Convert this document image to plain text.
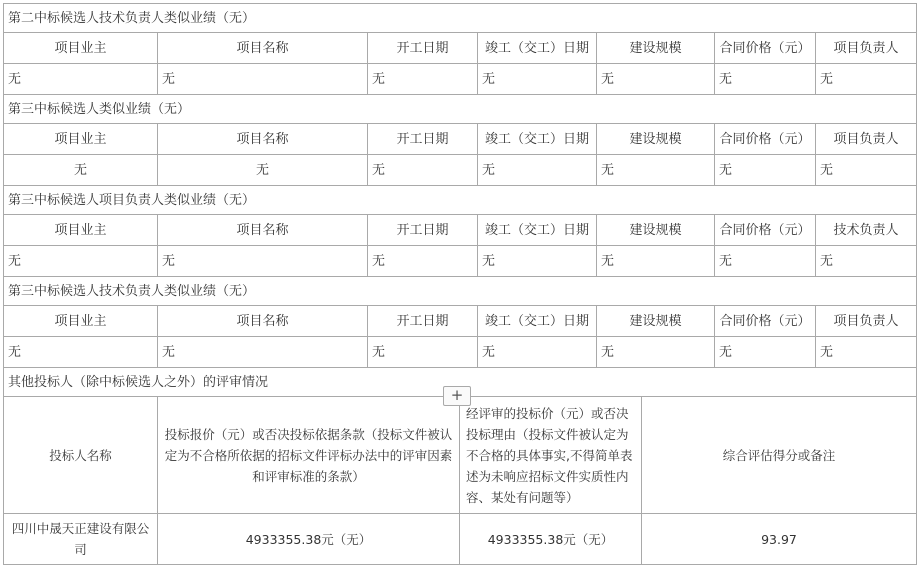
第二中标候选人技术负责人类似业绩（无）						
项目业主	项目名称	开工日期	竣工（交工）日期	建设规模	合同价格（元）	项目负责人
无	无	无	无	无	无	无
第三中标候选人类似业绩（无）						
项目业主	项目名称	开工日期	竣工（交工）日期	建设规模	合同价格（元）	项目负责人
无	无	无	无	无	无	无
第三中标候选人项目负责人类似业绩（无）						
项目业主	项目名称	开工日期	竣工（交工）日期	建设规模	合同价格（元）	技术负责人
无	无	无	无	无	无	无
第三中标候选人技术负责人类似业绩（无）						
项目业主	项目名称	开工日期	竣工（交工）日期	建设规模	合同价格（元）	项目负责人
无	无	无	无	无	无	无
其他投标人（除中标候选人之外）的评审情况						
投标人名称	投标报价（元）或否决投标依据条款（投标文件被认定为不合格所依据的招标文件评标办法中的评审因素和评审标准的条款）	经评审的投标价（元）或否决投标理由（投标文件被认定为不合格的具体事实,不得简单表述为未响应招标文件实质性内容、某处有问题等）	综合评估得分或备注
四川中晟天正建设有限公司	4933355.38元（无）	4933355.38元（无）	93.97
+
